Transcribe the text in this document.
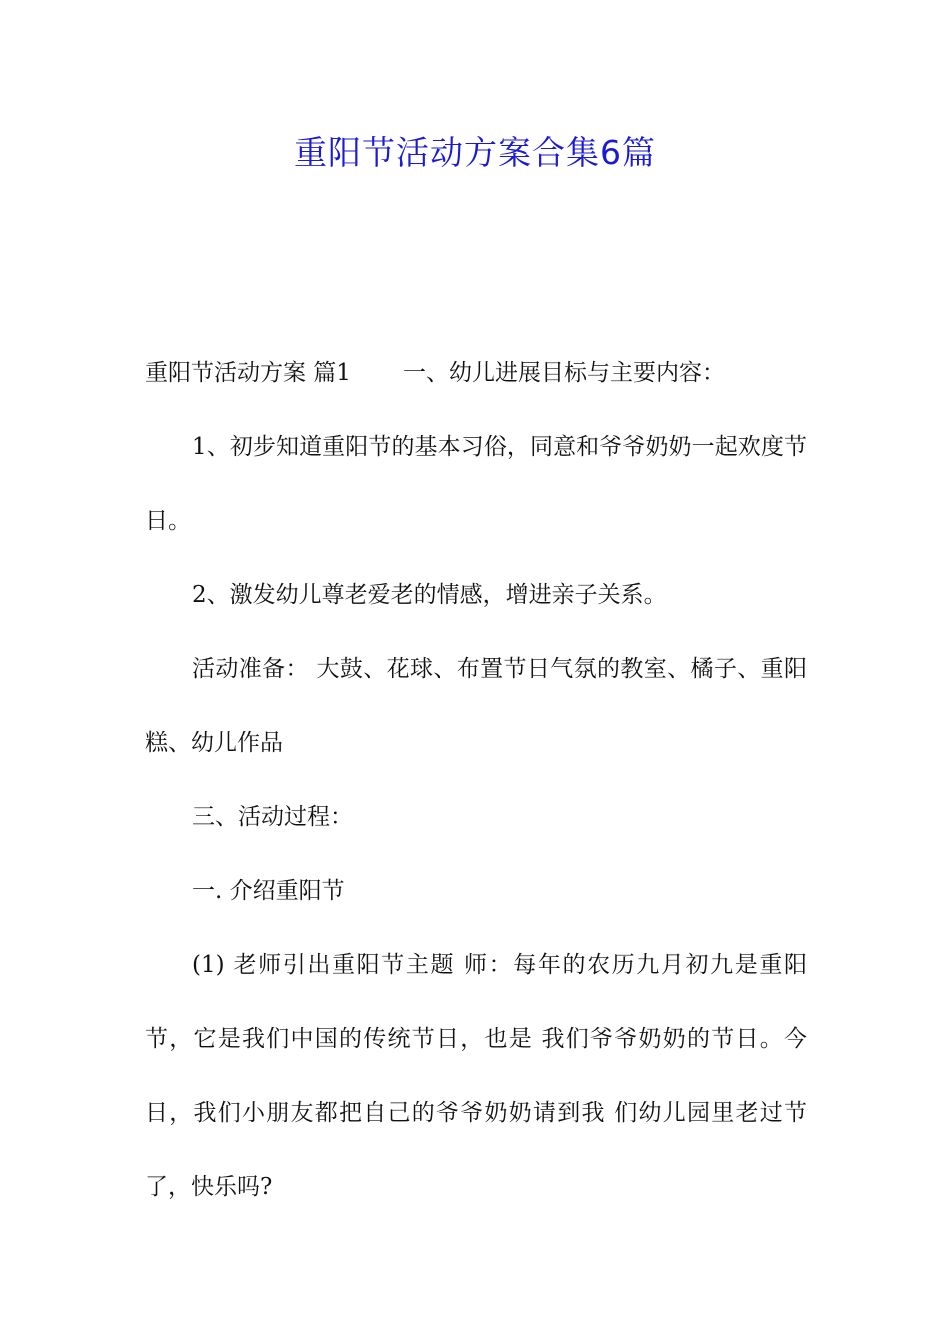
重阳节活动方案合集6篇

重阳节活动方案 篇1 一、幼儿进展目标与主要内容：

1、初步知道重阳节的基本习俗，同意和爷爷奶奶一起欢度节日。

2、激发幼儿尊老爱老的情感，增进亲子关系。

活动准备： 大鼓、花球、布置节日气氛的教室、橘子、重阳糕、幼儿作品

三、活动过程：

一. 介绍重阳节

(1) 老师引出重阳节主题 师：每年的农历九月初九是重阳节，它是我们中国的传统节日，也是 我们爷爷奶奶的节日。今日，我们小朋友都把自己的爷爷奶奶请到我 们幼儿园里老过节了，快乐吗?
